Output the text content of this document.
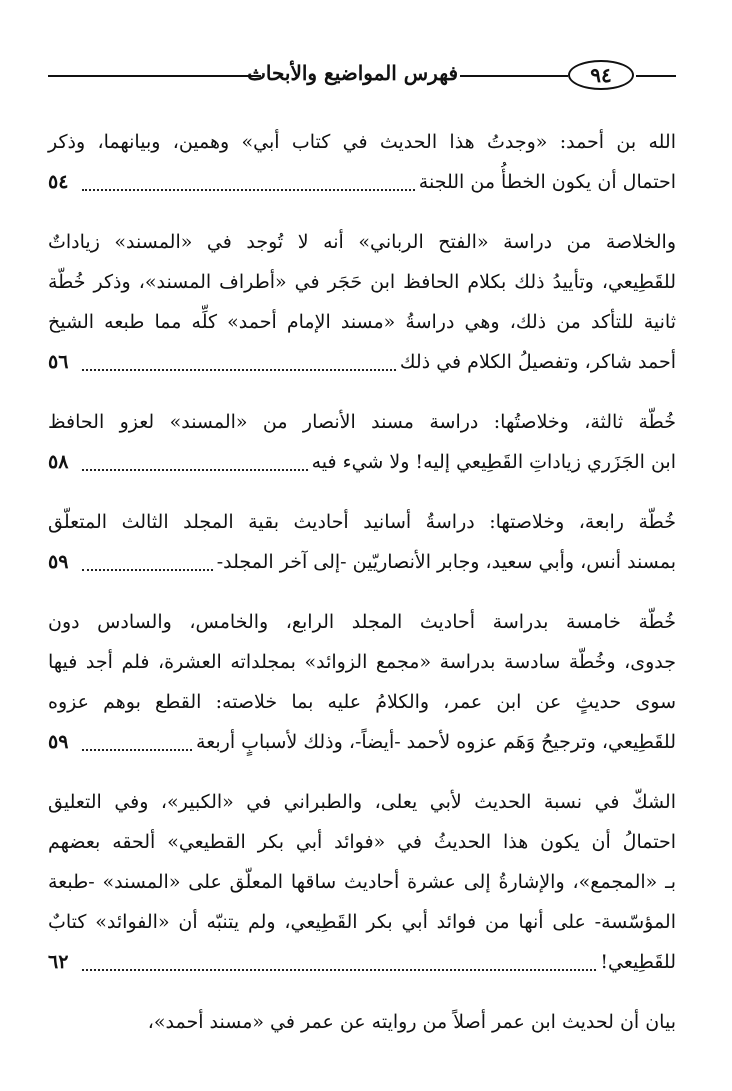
٩٤
فهرس المواضيع والأبحاث
الله بن أحمد: «وجدتُ هذا الحديث في كتاب أبي» وهمين، وبيانهما، وذكر
احتمال أن يكون الخطأُ من اللجنة
٥٤
والخلاصة من دراسة «الفتح الرباني» أنه لا تُوجد في «المسند» زياداتٌ
للقَطِيعي، وتأييدُ ذلك بكلام الحافظ ابن حَجَر في «أطراف المسند»، وذكر خُطّة
ثانية للتأكد من ذلك، وهي دراسةُ «مسند الإمام أحمد» كلِّه مما طبعه الشيخ
أحمد شاكر، وتفصيلُ الكلام في ذلك
٥٦
خُطّة ثالثة، وخلاصتُها: دراسة مسند الأنصار من «المسند» لعزو الحافظ
ابن الجَزَري زياداتِ القَطِيعي إليه! ولا شيء فيه
٥٨
خُطّة رابعة، وخلاصتها: دراسةُ أسانيد أحاديث بقية المجلد الثالث المتعلّق
بمسند أنس، وأبي سعيد، وجابر الأنصاريّين -إلى آخر المجلد-
٥٩
خُطّة خامسة بدراسة أحاديث المجلد الرابع، والخامس، والسادس دون
جدوى، وخُطّة سادسة بدراسة «مجمع الزوائد» بمجلداته العشرة، فلم أجد فيها
سوى حديثٍ عن ابن عمر، والكلامُ عليه بما خلاصته: القطع بوهم عزوه
للقَطِيعي، وترجيحُ وَهَم عزوه لأحمد -أيضاً-، وذلك لأسبابٍ أربعة
٥٩
الشكّ في نسبة الحديث لأبي يعلى، والطبراني في «الكبير»، وفي التعليق
احتمالُ أن يكون هذا الحديثُ في «فوائد أبي بكر القطيعي» ألحقه بعضهم
بـ «المجمع»، والإشارةُ إلى عشرة أحاديث ساقها المعلّق على «المسند» -طبعة
المؤسّسة- على أنها من فوائد أبي بكر القَطِيعي، ولم يتنبّه أن «الفوائد» كتابٌ
للقَطِيعي!
٦٢
بيان أن لحديث ابن عمر أصلاً من روايته عن عمر في «مسند أحمد»،
